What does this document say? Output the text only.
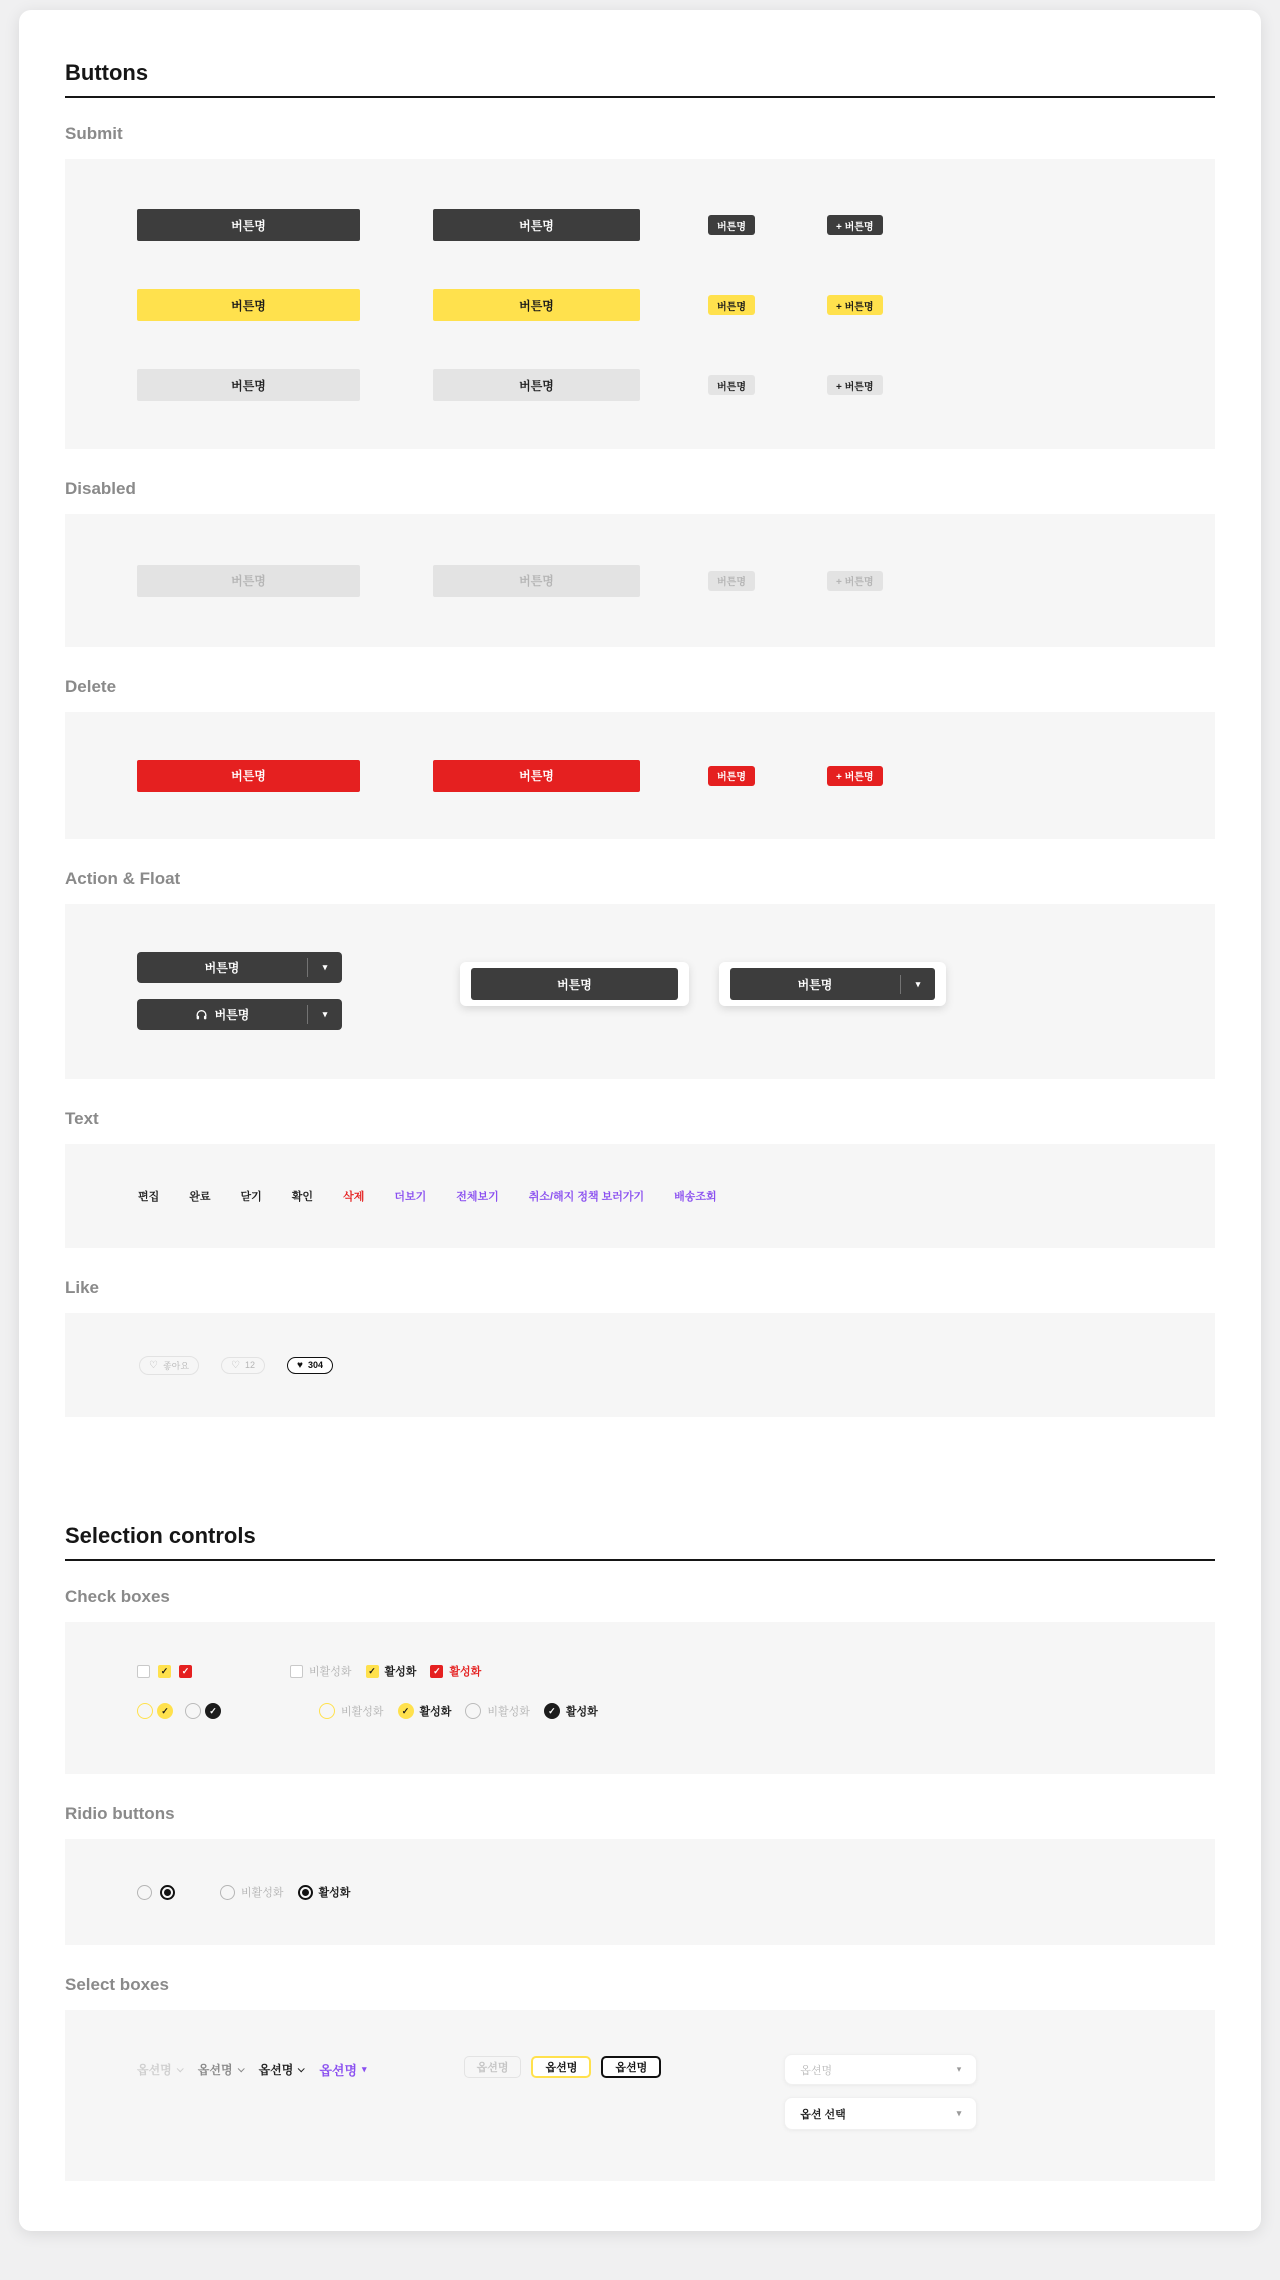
Buttons
Submit
버튼명	버튼명	버튼명	+ 버튼명
버튼명	버튼명	버튼명	+ 버튼명
버튼명	버튼명	버튼명	+ 버튼명
Disabled
버튼명	버튼명	버튼명	+ 버튼명
Delete
버튼명	버튼명	버튼명	+ 버튼명
Action & Float
버튼명	▾
버튼명	▾
버튼명	버튼명	▾
Text
편집	완료	닫기	확인	삭제	더보기	전체보기	취소/해지 정책 보러가기	배송조회
Like
♡ 좋아요	♡ 12	♥ 304
Selection controls
Check boxes
✓	✓	비활성화	✓ 활성화	✓ 활성화
✓	✓	비활성화	✓ 활성화	비활성화	✓ 활성화
Ridio buttons
비활성화	활성화
Select boxes
옵션명 옵션명 옵션명 옵션명 ▾	옵션명	옵션명	옵션명	옵션명	▾
옵션 선택	▾
